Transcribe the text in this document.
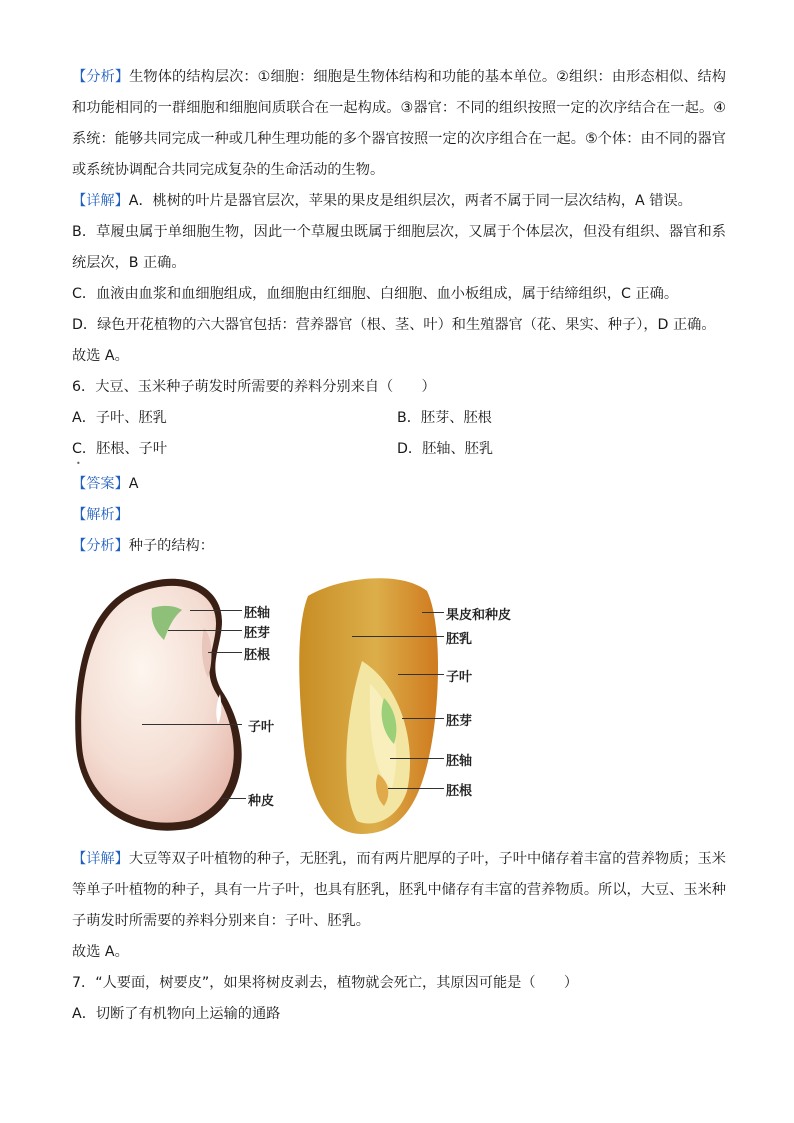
【分析】生物体的结构层次：①细胞：细胞是生物体结构和功能的基本单位。②组织：由形态相似、结构和功能相同的一群细胞和细胞间质联合在一起构成。③器官：不同的组织按照一定的次序结合在一起。④系统：能够共同完成一种或几种生理功能的多个器官按照一定的次序组合在一起。⑤个体：由不同的器官或系统协调配合共同完成复杂的生命活动的生物。

【详解】A．桃树的叶片是器官层次，苹果的果皮是组织层次，两者不属于同一层次结构，A 错误。

B．草履虫属于单细胞生物，因此一个草履虫既属于细胞层次，又属于个体层次，但没有组织、器官和系统层次，B 正确。

C．血液由血浆和血细胞组成，血细胞由红细胞、白细胞、血小板组成，属于结缔组织，C 正确。

D．绿色开花植物的六大器官包括：营养器官（根、茎、叶）和生殖器官（花、果实、种子），D 正确。

故选 A。

6．大豆、玉米种子萌发时所需要的养料分别来自（　　）

A．子叶、胚乳	B．胚芽、胚根
C．胚根、子叶	D．胚轴、胚乳
•

【答案】A

【解析】

【分析】种子的结构：

胚轴
胚芽
胚根
子叶
种皮
果皮和种皮
胚乳
子叶
胚芽
胚轴
胚根

【详解】大豆等双子叶植物的种子，无胚乳，而有两片肥厚的子叶，子叶中储存着丰富的营养物质；玉米等单子叶植物的种子，具有一片子叶，也具有胚乳，胚乳中储存有丰富的营养物质。所以，大豆、玉米种子萌发时所需要的养料分别来自：子叶、胚乳。

故选 A。

7．“人要面，树要皮”，如果将树皮剥去，植物就会死亡，其原因可能是（　　）

A．切断了有机物向上运输的通路
